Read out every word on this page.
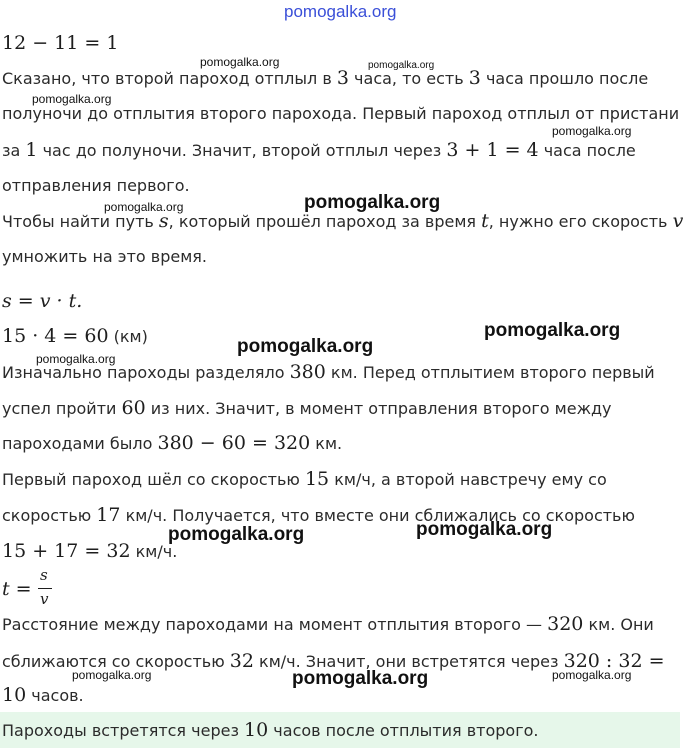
pomogalka.org
12 − 11 = 1
Сказано, что второй пароход отплыл в 3 часа, то есть 3 часа прошло после
полуночи до отплытия второго парохода. Первый пароход отплыл от пристани
за 1 час до полуночи. Значит, второй отплыл через 3 + 1 = 4 часа после
отправления первого.
Чтобы найти путь s, который прошёл пароход за время t, нужно его скорость v
умножить на это время.
s = v · t.
15 · 4 = 60 (км)
Изначально пароходы разделяло 380 км. Перед отплытием второго первый
успел пройти 60 из них. Значит, в момент отправления второго между
пароходами было 380 − 60 = 320 км.
Первый пароход шёл со скоростью 15 км/ч, а второй навстречу ему со
скоростью 17 км/ч. Получается, что вместе они сближались со скоростью
15 + 17 = 32 км/ч.
t =
s
v
Расстояние между пароходами на момент отплытия второго — 320 км. Они
сближаются со скоростью 32 км/ч. Значит, они встретятся через 320 : 32 =
10 часов.
Пароходы встретятся через 10 часов после отплытия второго.
pomogalka.org	pomogalka.org
pomogalka.org
pomogalka.org
pomogalka.org
pomogalka.org
pomogalka.org
pomogalka.org
pomogalka.org
pomogalka.org
pomogalka.org
pomogalka.org	pomogalka.org	pomogalka.org
